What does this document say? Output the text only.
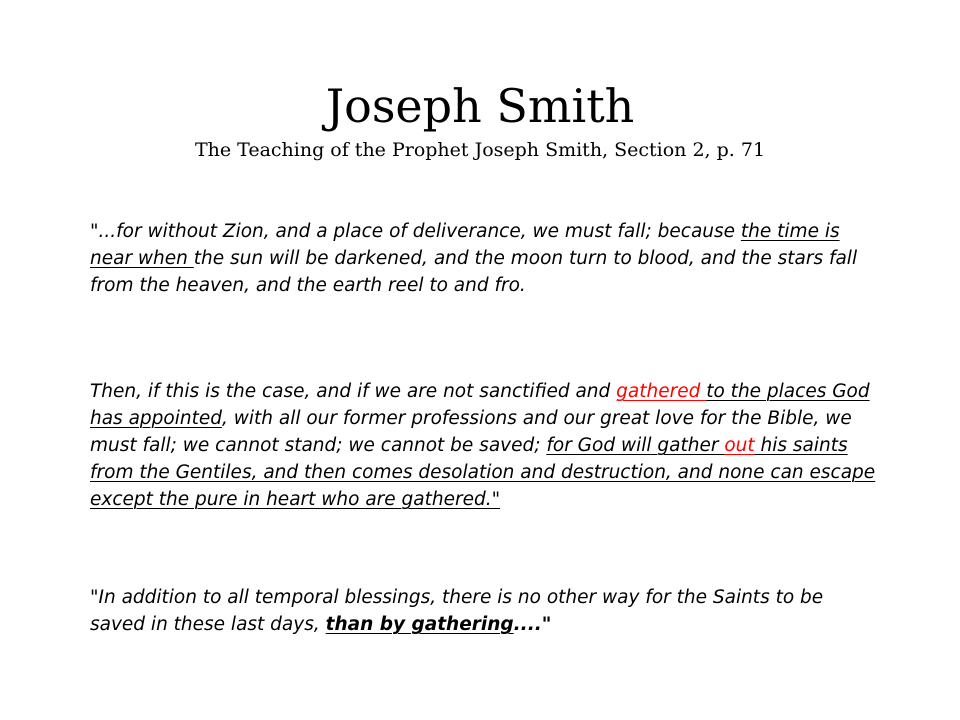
Joseph Smith
The Teaching of the Prophet Joseph Smith, Section 2, p. 71
"...for without Zion, and a place of deliverance, we must fall; because the time is near when the sun will be darkened, and the moon turn to blood, and the stars fall from the heaven, and the earth reel to and fro.
Then, if this is the case, and if we are not sanctified and gathered to the places God has appointed, with all our former professions and our great love for the Bible, we must fall; we cannot stand; we cannot be saved; for God will gather out his saints from the Gentiles, and then comes desolation and destruction, and none can escape except the pure in heart who are gathered."
"In addition to all temporal blessings, there is no other way for the Saints to be saved in these last days, than by gathering...."
